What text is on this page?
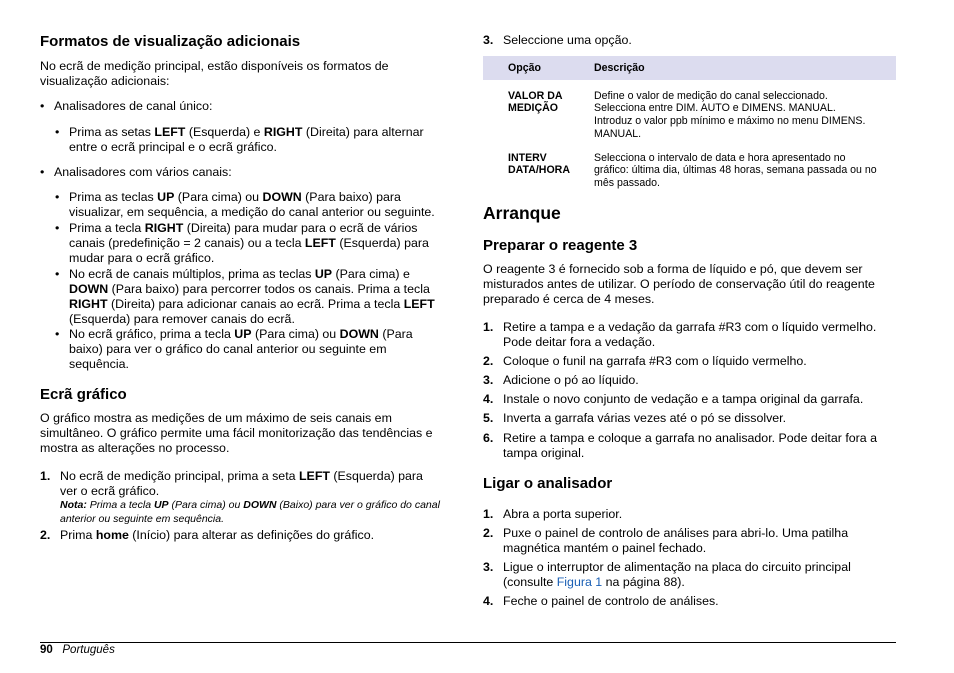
Formatos de visualização adicionais

No ecrã de medição principal, estão disponíveis os formatos de visualização adicionais:

• Analisadores de canal único:
• Prima as setas LEFT (Esquerda) e RIGHT (Direita) para alternar entre o ecrã principal e o ecrã gráfico.
• Analisadores com vários canais:
• Prima as teclas UP (Para cima) ou DOWN (Para baixo) para visualizar, em sequência, a medição do canal anterior ou seguinte.
• Prima a tecla RIGHT (Direita) para mudar para o ecrã de vários canais (predefinição = 2 canais) ou a tecla LEFT (Esquerda) para mudar para o ecrã gráfico.
• No ecrã de canais múltiplos, prima as teclas UP (Para cima) e DOWN (Para baixo) para percorrer todos os canais. Prima a tecla RIGHT (Direita) para adicionar canais ao ecrã. Prima a tecla LEFT (Esquerda) para remover canais do ecrã.
• No ecrã gráfico, prima a tecla UP (Para cima) ou DOWN (Para baixo) para ver o gráfico do canal anterior ou seguinte em sequência.
Ecrã gráfico

O gráfico mostra as medições de um máximo de seis canais em simultâneo. O gráfico permite uma fácil monitorização das tendências e mostra as alterações no processo.

1. No ecrã de medição principal, prima a seta LEFT (Esquerda) para ver o ecrã gráfico.
Nota: Prima a tecla UP (Para cima) ou DOWN (Baixo) para ver o gráfico do canal anterior ou seguinte em sequência.
2. Prima home (Início) para alterar as definições do gráfico.
3. Seleccione uma opção.
Opção	Descrição

VALOR DA MEDIÇÃO	Define o valor de medição do canal seleccionado. Selecciona entre DIM. AUTO e DIMENS. MANUAL. Introduz o valor ppb mínimo e máximo no menu DIMENS. MANUAL.

INTERV DATA/HORA	Selecciona o intervalo de data e hora apresentado no gráfico: última dia, últimas 48 horas, semana passada ou no mês passado.
Arranque
Preparar o reagente 3

O reagente 3 é fornecido sob a forma de líquido e pó, que devem ser misturados antes de utilizar. O período de conservação útil do reagente preparado é cerca de 4 meses.

1. Retire a tampa e a vedação da garrafa #R3 com o líquido vermelho. Pode deitar fora a vedação.
2. Coloque o funil na garrafa #R3 com o líquido vermelho.
3. Adicione o pó ao líquido.
4. Instale o novo conjunto de vedação e a tampa original da garrafa.
5. Inverta a garrafa várias vezes até o pó se dissolver.
6. Retire a tampa e coloque a garrafa no analisador. Pode deitar fora a tampa original.
Ligar o analisador
1. Abra a porta superior.
2. Puxe o painel de controlo de análises para abri-lo. Uma patilha magnética mantém o painel fechado.
3. Ligue o interruptor de alimentação na placa do circuito principal (consulte Figura 1 na página 88).
4. Feche o painel de controlo de análises.
90 Português
